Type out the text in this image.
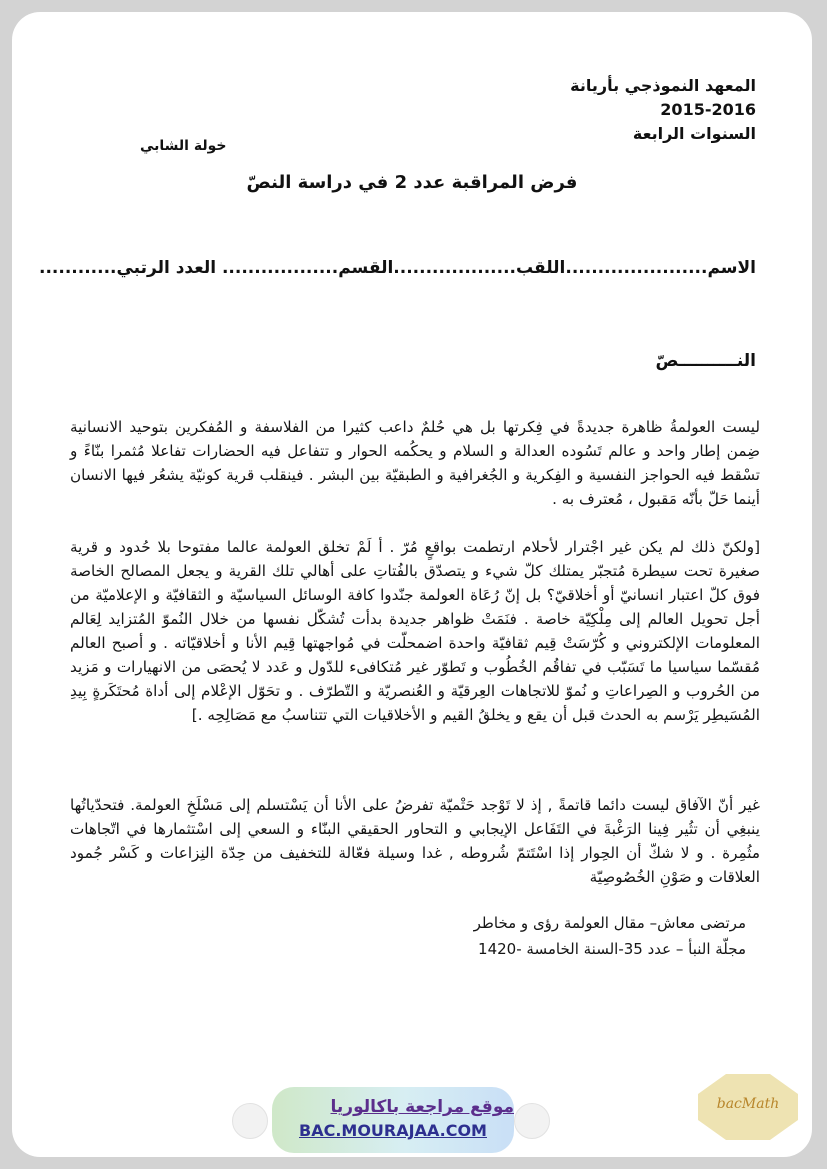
المعهد النموذجي بأريانة
2015-2016
السنوات الرابعة
خولة الشابي
فرض المراقبة عدد 2 في دراسة النصّ
الاسم......................اللقب...................القسم.................. العدد الرتبي............
النــــــــــصّ

ليست العولمةُ ظاهرة جديدةً في فِكرتها بل هي حُلمٌ داعب كثيرا من الفلاسفة و المُفكرين بتوحيد الانسانية ضِمن إطار واحد و عالم تَسُوده العدالة و السلام و يحكُمه الحوار و تتفاعل فيه الحضارات تفاعلا مُثمرا بنّاءً و تسْقط فيه الحواجز النفسية و الفِكرية و الجُغرافية و الطبقيّة بين البشر . فينقلب قرية كونيّة يشعُر فيها الانسان أينما حَلّ بأنّه مَقبول ، مُعترف به .

[ولكنّ ذلك لم يكن غير اجْترار لأحلام ارتطمت بواقعٍ مُرّ . أ لَمْ تخلق العولمة عالما مفتوحا بلا حُدود و قرية صغيرة تحت سيطرة مُتجبّر يمتلك كلّ شيء و يتصدّق بالفُتاتِ على أهالي تلك القرية و يجعل المصالح الخاصة فوق كلّ اعتبار انسانيّ أو أخلاقيّ؟ بل إنّ رُعَاة العولمة جنّدوا كافة الوسائل السياسيّة و الثقافيّة و الإعلاميّة من أجل تحويل العالم إلى مِلْكِيّة خاصة . فنَمَتْ ظواهر جديدة بدأت تُشكّل نفسها من خلال النُموّ المُتزايد لِعَالم المعلومات الإلكتروني و كُرّسَتْ قِيم ثقافيّة واحدة اضمحلّت في مُواجهتها قِيم الأنا و أخلاقيّاته . و أصبح العالم مُقسّما سياسيا ما تَسَبّب في تفاقُم الخُطُوب و تَطوّر غير مُتكافىء للدّول و عَدد لا يُحصَى من الانهيارات و مَزيد من الحُروب و الصِراعاتِ و نُموّ للاتجاهات العِرقيّة و العُنصريّة و التّطرّف . و تحَوّل الإعْلام إلى أداة مُحتَكَرةٍ بِيدِ المُسَيطِر يَرْسم به الحدث قبل أن يقع و يخلقُ القيم و الأخلاقيات التي تتناسبُ مع مَصَالِحِه .]

غير أنّ الآفاق ليست دائما قاتمةً , إذ لا تَوْجد حَتْميّة تفرضُ على الأنا أن يَسْتسلم إلى مَسْلَخِ العولمة. فتحدّياتُها ينبغِي أن تثُير فِينا الرَغْبةَ في التَفَاعل الإيجابي و التحاور الحقيقي البنّاء و السعي إلى اسْتثمارها في اتّجاهات مثُمِرة . و لا شكّ أن الحِوار إذا اسْتَتمّ شُروطه , غدا وسيلة فعّالة للتخفيف من حِدّة النِزاعات و كَسْر جُمود العلاقات و صَوْنِ الخُصُوصِيّة

مرتضى معاش– مقال العولمة رؤى و مخاطر
مجلّة النبأ – عدد 35-السنة الخامسة -1420
موقع مراجعة باكالوريا
BAC.MOURAJAA.COM
bacMath
